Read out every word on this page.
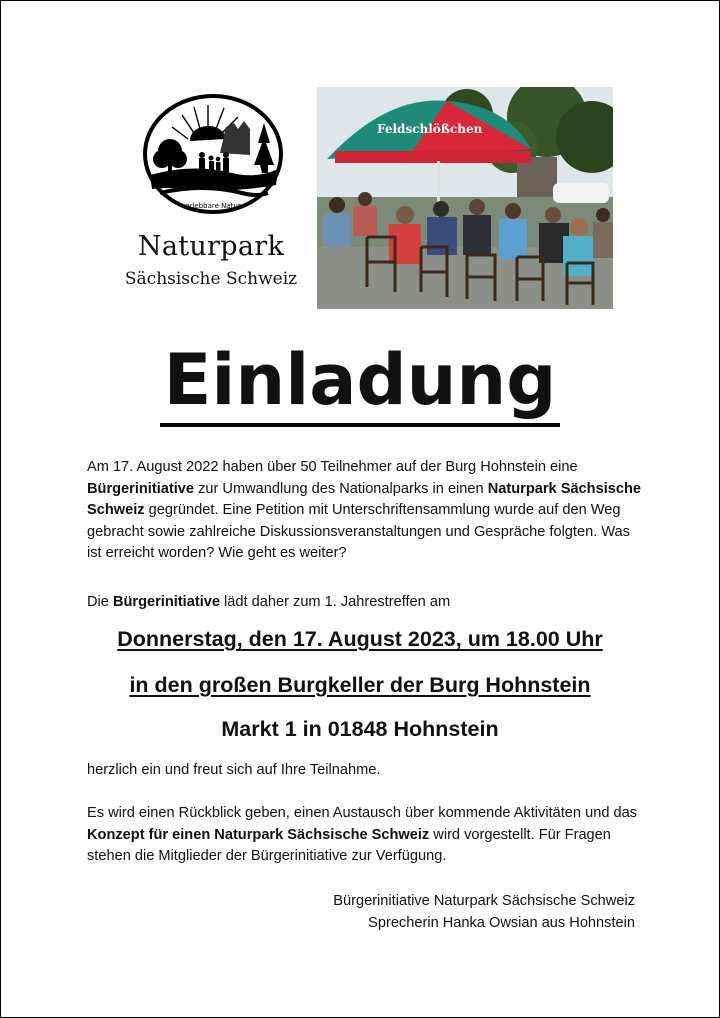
erlebbare Natur
Naturpark
Sächsische Schweiz
Feldschlößchen
Einladung
Am 17. August 2022 haben über 50 Teilnehmer auf der Burg Hohnstein eine Bürgerinitiative zur Umwandlung des Nationalparks in einen Naturpark Sächsische Schweiz gegründet. Eine Petition mit Unterschriftensammlung wurde auf den Weg gebracht sowie zahlreiche Diskussionsveranstaltungen und Gespräche folgten. Was ist erreicht worden? Wie geht es weiter?
Die Bürgerinitiative lädt daher zum 1. Jahrestreffen am
Donnerstag, den 17. August 2023, um 18.00 Uhr
in den großen Burgkeller der Burg Hohnstein
Markt 1 in 01848 Hohnstein
herzlich ein und freut sich auf Ihre Teilnahme.
Es wird einen Rückblick geben, einen Austausch über kommende Aktivitäten und das Konzept für einen Naturpark Sächsische Schweiz wird vorgestellt. Für Fragen stehen die Mitglieder der Bürgerinitiative zur Verfügung.
Bürgerinitiative Naturpark Sächsische Schweiz
Sprecherin Hanka Owsian aus Hohnstein
